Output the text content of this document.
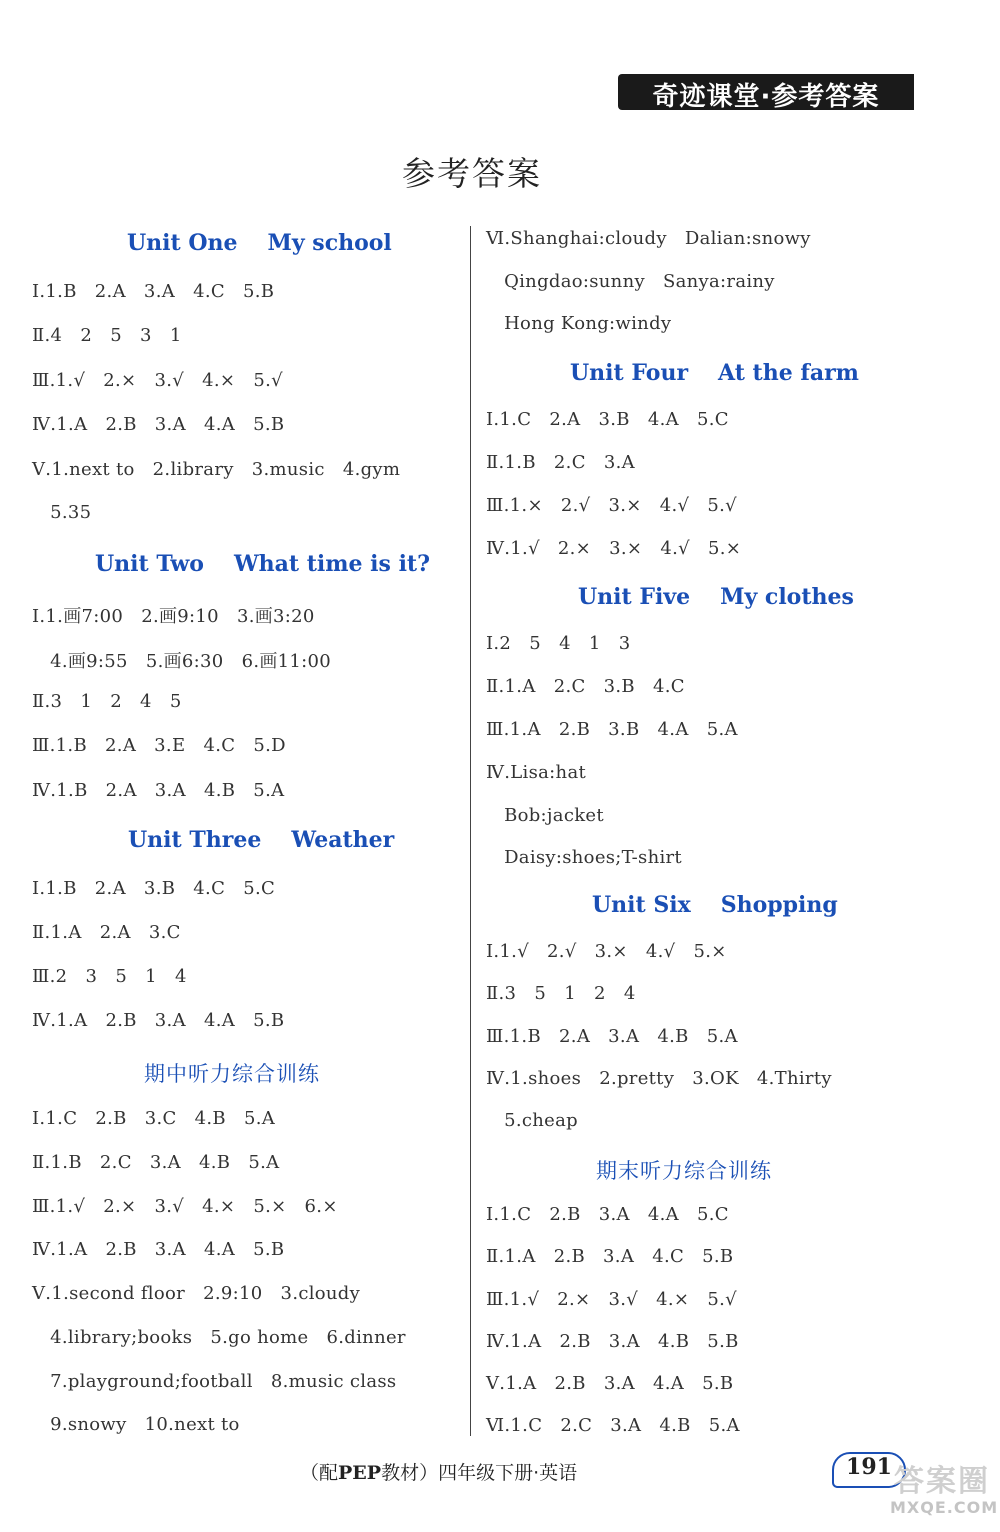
奇迹课堂·参考答案
参考答案
Unit One My school
Ⅰ.1.B   2.A   3.A   4.C   5.B
Ⅱ.4   2   5   3   1
Ⅲ.1.√   2.×   3.√   4.×   5.√
Ⅳ.1.A   2.B   3.A   4.A   5.B
Ⅴ.1.next to   2.library   3.music   4.gym
5.35
Unit Two What time is it?
Ⅰ.1.画7:00   2.画9:10   3.画3:20
4.画9:55   5.画6:30   6.画11:00
Ⅱ.3   1   2   4   5
Ⅲ.1.B   2.A   3.E   4.C   5.D
Ⅳ.1.B   2.A   3.A   4.B   5.A
Unit Three Weather
Ⅰ.1.B   2.A   3.B   4.C   5.C
Ⅱ.1.A   2.A   3.C
Ⅲ.2   3   5   1   4
Ⅳ.1.A   2.B   3.A   4.A   5.B
期中听力综合训练
Ⅰ.1.C   2.B   3.C   4.B   5.A
Ⅱ.1.B   2.C   3.A   4.B   5.A
Ⅲ.1.√   2.×   3.√   4.×   5.×   6.×
Ⅳ.1.A   2.B   3.A   4.A   5.B
Ⅴ.1.second floor   2.9:10   3.cloudy
4.library;books   5.go home   6.dinner
7.playground;football   8.music class
9.snowy   10.next to
Ⅵ.Shanghai:cloudy   Dalian:snowy
Qingdao:sunny   Sanya:rainy
Hong Kong:windy
Unit Four At the farm
Ⅰ.1.C   2.A   3.B   4.A   5.C
Ⅱ.1.B   2.C   3.A
Ⅲ.1.×   2.√   3.×   4.√   5.√
Ⅳ.1.√   2.×   3.×   4.√   5.×
Unit Five My clothes
Ⅰ.2   5   4   1   3
Ⅱ.1.A   2.C   3.B   4.C
Ⅲ.1.A   2.B   3.B   4.A   5.A
Ⅳ.Lisa:hat
Bob:jacket
Daisy:shoes;T-shirt
Unit Six Shopping
Ⅰ.1.√   2.√   3.×   4.√   5.×
Ⅱ.3   5   1   2   4
Ⅲ.1.B   2.A   3.A   4.B   5.A
Ⅳ.1.shoes   2.pretty   3.OK   4.Thirty
5.cheap
期末听力综合训练
Ⅰ.1.C   2.B   3.A   4.A   5.C
Ⅱ.1.A   2.B   3.A   4.C   5.B
Ⅲ.1.√   2.×   3.√   4.×   5.√
Ⅳ.1.A   2.B   3.A   4.B   5.B
Ⅴ.1.A   2.B   3.A   4.A   5.B
Ⅵ.1.C   2.C   3.A   4.B   5.A
（配PEP教材）四年级下册·英语	191 答案圈
MXQE.COM
